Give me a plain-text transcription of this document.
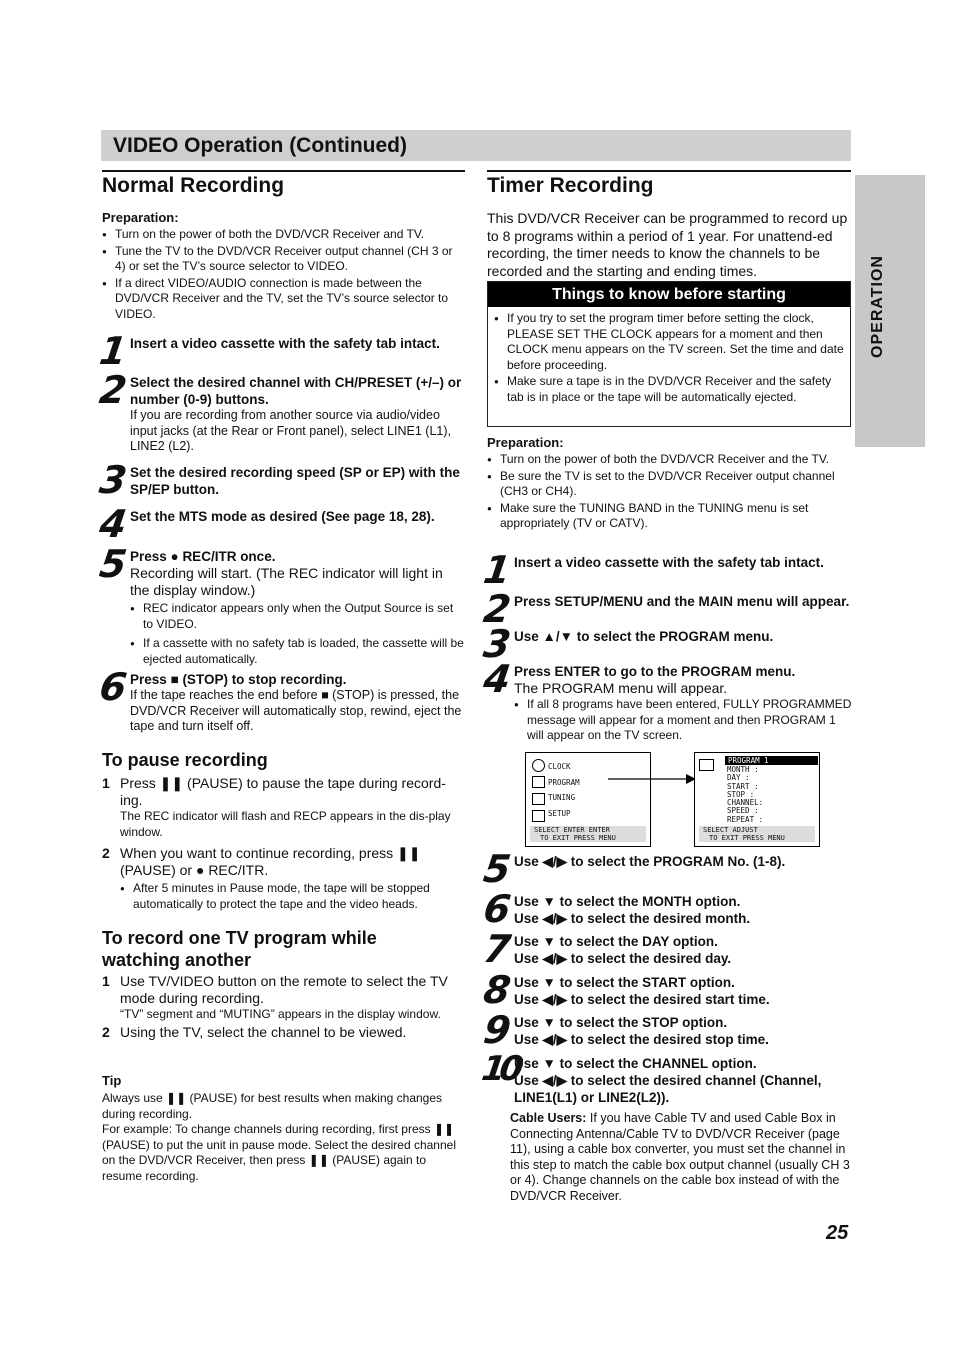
VIDEO Operation (Continued)
OPERATION
Normal Recording
Preparation:
● Turn on the power of both the DVD/VCR Receiver and TV.
● Tune the TV to the DVD/VCR Receiver output channel (CH 3 or 4) or set the TV’s source selector to VIDEO.
● If a direct VIDEO/AUDIO connection is made between the DVD/VCR Receiver and the TV, set the TV’s source selector to VIDEO.
1 Insert a video cassette with the safety tab intact.
2 Select the desired channel with CH/PRESET (+/–) or number (0-9) buttons.
If you are recording from another source via audio/video input jacks (at the Rear or Front panel), select LINE1 (L1), LINE2 (L2).
3 Set the desired recording speed (SP or EP) with the SP/EP button.
4 Set the MTS mode as desired (See page 18, 28).
5 Press ● REC/ITR once.
Recording will start. (The REC indicator will light in the display window.)
● REC indicator appears only when the Output Source is set to VIDEO.
● If a cassette with no safety tab is loaded, the cassette will be ejected automatically.
6 Press ■ (STOP) to stop recording.
If the tape reaches the end before ■ (STOP) is pressed, the DVD/VCR Receiver will automatically stop, rewind, eject the tape and turn itself off.
To pause recording
1 Press ❚❚ (PAUSE) to pause the tape during record-ing.
The REC indicator will flash and RECP appears in the dis-play window.
2 When you want to continue recording, press ❚❚ (PAUSE) or ● REC/ITR.
● After 5 minutes in Pause mode, the tape will be stopped automatically to protect the tape and the video heads.
To record one TV program while watching another
1 Use TV/VIDEO button on the remote to select the TV mode during recording.
“TV” segment and “MUTING” appears in the display window.
2 Using the TV, select the channel to be viewed.
Tip
Always use ❚❚ (PAUSE) for best results when making changes during recording.
For example: To change channels during recording, first press ❚❚ (PAUSE) to put the unit in pause mode. Select the desired channel on the DVD/VCR Receiver, then press ❚❚ (PAUSE) again to resume recording.
Timer Recording
This DVD/VCR Receiver can be programmed to record up to 8 programs within a period of 1 year. For unattend-ed recording, the timer needs to know the channels to be recorded and the starting and ending times.
Things to know before starting
● If you try to set the program timer before setting the clock, PLEASE SET THE CLOCK appears for a moment and then CLOCK menu appears on the TV screen. Set the time and date before proceeding.
● Make sure a tape is in the DVD/VCR Receiver and the safety tab is in place or the tape will be automatically ejected.
Preparation:
● Turn on the power of both the DVD/VCR Receiver and the TV.
● Be sure the TV is set to the DVD/VCR Receiver output channel (CH3 or CH4).
● Make sure the TUNING BAND in the TUNING menu is set appropriately (TV or CATV).
1 Insert a video cassette with the safety tab intact.
2 Press SETUP/MENU and the MAIN menu will appear.
3 Use ▲/▼ to select the PROGRAM menu.
4 Press ENTER to go to the PROGRAM menu.
The PROGRAM menu will appear.
● If all 8 programs have been entered, FULLY PROGRAMMED message will appear for a moment and then PROGRAM 1 will appear on the TV screen.
CLOCK
PROGRAM
TUNING
SETUP
SELECT ENTER ENTER
TO EXIT PRESS MENU
PROGRAM 1
MONTH :
DAY :
START :
STOP :
CHANNEL:
SPEED :
REPEAT :
SELECT ADJUST
TO EXIT PRESS MENU
5 Use ◀/▶ to select the PROGRAM No. (1-8).
6 Use ▼ to select the MONTH option.
Use ◀/▶ to select the desired month.
7 Use ▼ to select the DAY option.
Use ◀/▶ to select the desired day.
8 Use ▼ to select the START option.
Use ◀/▶ to select the desired start time.
9 Use ▼ to select the STOP option.
Use ◀/▶ to select the desired stop time.
10
Use ▼ to select the CHANNEL option.
Use ◀/▶ to select the desired channel (Channel, LINE1(L1) or LINE2(L2)).
Cable Users: If you have Cable TV and used Cable Box in Connecting Antenna/Cable TV to DVD/VCR Receiver (page 11), using a cable box converter, you must set the channel in this step to match the cable box output channel (usually CH 3 or 4). Change channels on the cable box instead of with the DVD/VCR Receiver.
25
